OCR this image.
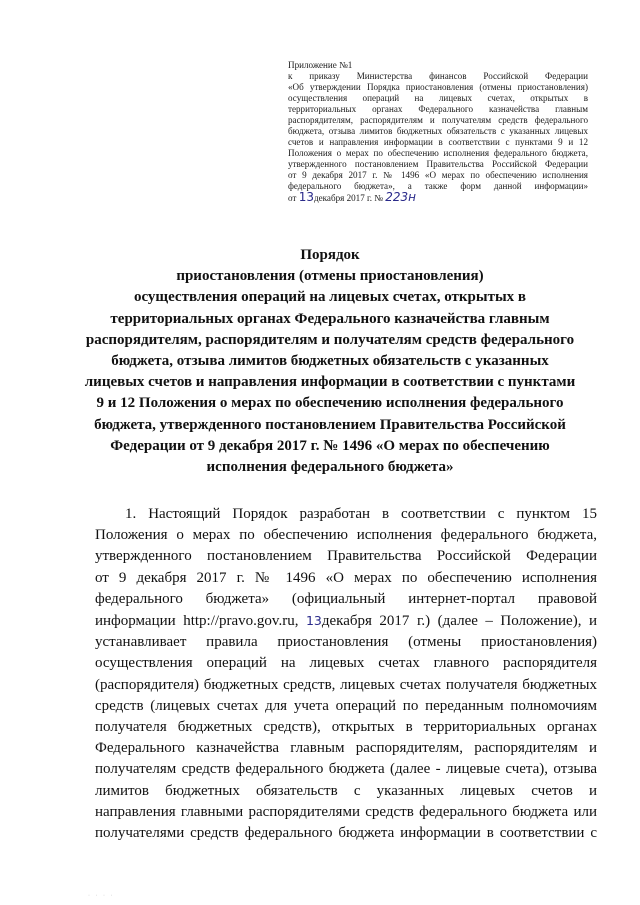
Приложение №1
к приказу Министерства финансов Российской Федерации
«Об утверждении Порядка приостановления (отмены приостановления)
осуществления операций на лицевых счетах, открытых в
территориальных органах Федерального казначейства главным
распорядителям, распорядителям и получателям средств федерального
бюджета, отзыва лимитов бюджетных обязательств с указанных лицевых
счетов и направления информации в соответствии с пунктами 9 и 12
Положения о мерах по обеспечению исполнения федерального бюджета,
утвержденного постановлением Правительства Российской Федерации
от 9 декабря 2017 г. № 1496 «О мерах по обеспечению исполнения
федерального бюджета», а также форм данной информации»
от 13декабря 2017 г. № 223н
Порядок
приостановления (отмены приостановления)
осуществления операций на лицевых счетах, открытых в
территориальных органах Федерального казначейства главным
распорядителям, распорядителям и получателям средств федерального
бюджета, отзыва лимитов бюджетных обязательств с указанных
лицевых счетов и направления информации в соответствии с пунктами
9 и 12 Положения о мерах по обеспечению исполнения федерального
бюджета, утвержденного постановлением Правительства Российской
Федерации от 9 декабря 2017 г. № 1496 «О мерах по обеспечению
исполнения федерального бюджета»
1. Настоящий Порядок разработан в соответствии с пунктом 15
Положения о мерах по обеспечению исполнения федерального бюджета,
утвержденного постановлением Правительства Российской Федерации
от 9 декабря 2017 г. № 1496 «О мерах по обеспечению исполнения
федерального бюджета» (официальный интернет-портал правовой
информации http://pravo.gov.ru, 13декабря 2017 г.) (далее – Положение), и
устанавливает правила приостановления (отмены приостановления)
осуществления операций на лицевых счетах главного распорядителя
(распорядителя) бюджетных средств, лицевых счетах получателя бюджетных
средств (лицевых счетах для учета операций по переданным полномочиям
получателя бюджетных средств), открытых в территориальных органах
Федерального казначейства главным распорядителям, распорядителям и
получателям средств федерального бюджета (далее - лицевые счета), отзыва
лимитов бюджетных обязательств с указанных лицевых счетов и
направления главными распорядителями средств федерального бюджета или
получателями средств федерального бюджета информации в соответствии с
· · · ·
